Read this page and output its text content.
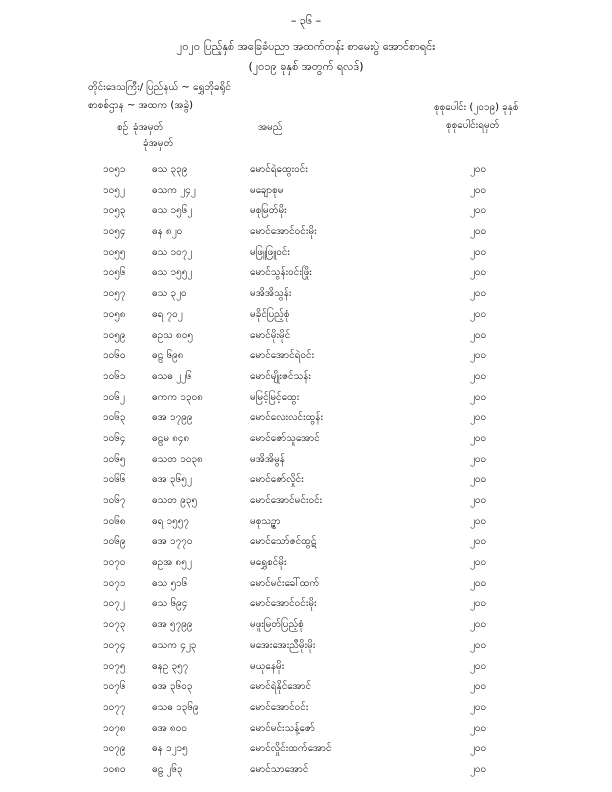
– ၃၆ –
၂၀၂၀ ပြည့်နှစ် အခြေခံပညာ အထက်တန်း စာမေးပွဲ အောင်စာရင်း
(၂၀၁၉ ခုနှစ် အတွက် ရလဒ်)
တိုင်းဒေသကြီး/ ပြည်နယ် ~ ရွှေဘိုခရိုင်
စာစစ်ဌာန ~ အထက (အခွဲ)
စဉ် ခုံအမှတ်
ခုံအမှတ်
အမည်
စုစုပေါင်း (၂၀၁၉) ခုနှစ်
စုစုပေါင်းရမှတ်
၁၀၅၁	ဓသ ၃၃၉	မောင်ရဲထွေးဝင်း	၂၀၀
၁၀၅၂	ဓသက ၂၄၂	မချောစုမ	၂၀၀
၁၀၅၃	ဓသ ၁၅၆၂	မစုမြတ်မိုး	၂၀၀
၁၀၅၄	ဓန ၈၂၀	မောင်အောင်ဝင်းမိုး	၂၀၀
၁၀၅၅	ဓသ ၁၀၇၂	မဖြူဖြူဝင်း	၂၀၀
၁၀၅၆	ဓသ ၁၅၅၂	မောင်သွန်းဝင်းဖြိုး	၂၀၀
၁၀၅၇	ဓသ ၃၂၀	မအိအိသွန်း	၂၀၀
၁၀၅၈	ဓရ ၇၀၂	မခိုင်ပြည့်စုံ	၂၀၀
၁၀၅၉	ဓဥသ ၈၀၅	မောင်မိုးမိုင်	၂၀၀
၁၀၆၀	ဓဠ ၆၉၈	မောင်အောင်ရဲဝင်း	၂၀၀
၁၀၆၁	ဓသဓ ၂၂၆	မောင်မျိုးဇင်သန်း	၂၀၀
၁၀၆၂	ဓကက ၁၃၀၈	မမြင့်မြင့်ထွေး	၂၀၀
၁၀၆၃	ဓအ ၁၇၉၉	မောင်လေးလင်းထွန်း	၂၀၀
၁၀၆၄	ဓဠမ ၈၄၈	မောင်ဇော်သူအောင်	၂၀၀
၁၀၆၅	ဓသတ ၁၀၃၈	မအိအိမွန်	၂၀၀
၁၀၆၆	ဓအ ၃၆၅၂	မောင်ဇော်လှိုင်း	၂၀၀
၁၀၆၇	ဓသတ ၉၃၅	မောင်အောင်မင်းဝင်း	၂၀၀
၁၀၆၈	ဓရ ၁၅၅၇	မစုသဉ္ဇာ	၂၀၀
၁၀၆၉	ဓအ ၁၇၇၀	မောင်သော်ဇင်ထွဋ်	၂၀၀
၁၀၇၀	ဓဥအ ၈၅၂	မရွှေစင်မိုး	၂၀၀
၁၀၇၁	ဓသ ၅၁၆	မောင်မင်းခေါ်ထက်	၂၀၀
၁၀၇၂	ဓသ ၆၉၄	မောင်အောင်ဝင်းမိုး	၂၀၀
၁၀၇၃	ဓအ ၅၇၉၉	မဖူးမြတ်ပြည့်စုံ	၂၀၀
၁၀၇၄	ဓသက ၄၂၃	မအေးအေးညီမိုးမိုး	၂၀၀
၁၀၇၅	ဓနဥ ၃၅၇	မယုနေမိုး	၂၀၀
၁၀၇၆	ဓအ ၃၆၀၃	မောင်ရဲနိုင်အောင်	၂၀၀
၁၀၇၇	ဓသဓ ၁၃၆၉	မောင်အောင်ဝင်း	၂၀၀
၁၀၇၈	ဓအ ၈၀၀	မောင်မင်းသန့်ဇော်	၂၀၀
၁၀၇၉	ဓန ၁၂၁၅	မောင်လှိုင်းထက်အောင်	၂၀၀
၁၀၈၀	ဓဠ ၂၆၃	မောင်သာအောင်	၂၀၀
